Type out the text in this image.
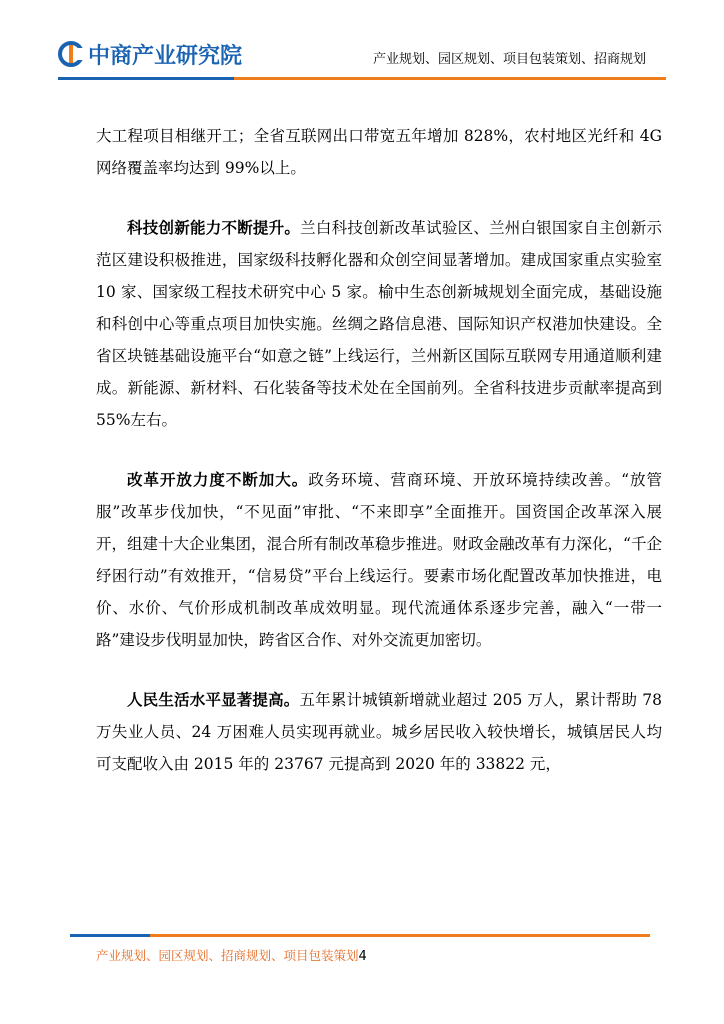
中商产业研究院	产业规划、园区规划、项目包装策划、招商规划

大工程项目相继开工；全省互联网出口带宽五年增加 828%，农村地区光纤和 4G 网络覆盖率均达到 99%以上。

科技创新能力不断提升。兰白科技创新改革试验区、兰州白银国家自主创新示范区建设积极推进，国家级科技孵化器和众创空间显著增加。建成国家重点实验室 10 家、国家级工程技术研究中心 5 家。榆中生态创新城规划全面完成，基础设施和科创中心等重点项目加快实施。丝绸之路信息港、国际知识产权港加快建设。全省区块链基础设施平台“如意之链”上线运行，兰州新区国际互联网专用通道顺利建成。新能源、新材料、石化装备等技术处在全国前列。全省科技进步贡献率提高到 55%左右。

改革开放力度不断加大。政务环境、营商环境、开放环境持续改善。“放管服”改革步伐加快，“不见面”审批、“不来即享”全面推开。国资国企改革深入展开，组建十大企业集团，混合所有制改革稳步推进。财政金融改革有力深化，“千企纾困行动”有效推开，“信易贷”平台上线运行。要素市场化配置改革加快推进，电价、水价、气价形成机制改革成效明显。现代流通体系逐步完善，融入“一带一路”建设步伐明显加快，跨省区合作、对外交流更加密切。

人民生活水平显著提高。五年累计城镇新增就业超过 205 万人，累计帮助 78 万失业人员、24 万困难人员实现再就业。城乡居民收入较快增长，城镇居民人均可支配收入由 2015 年的 23767 元提高到 2020 年的 33822 元，

产业规划、园区规划、招商规划、项目包装策划4
